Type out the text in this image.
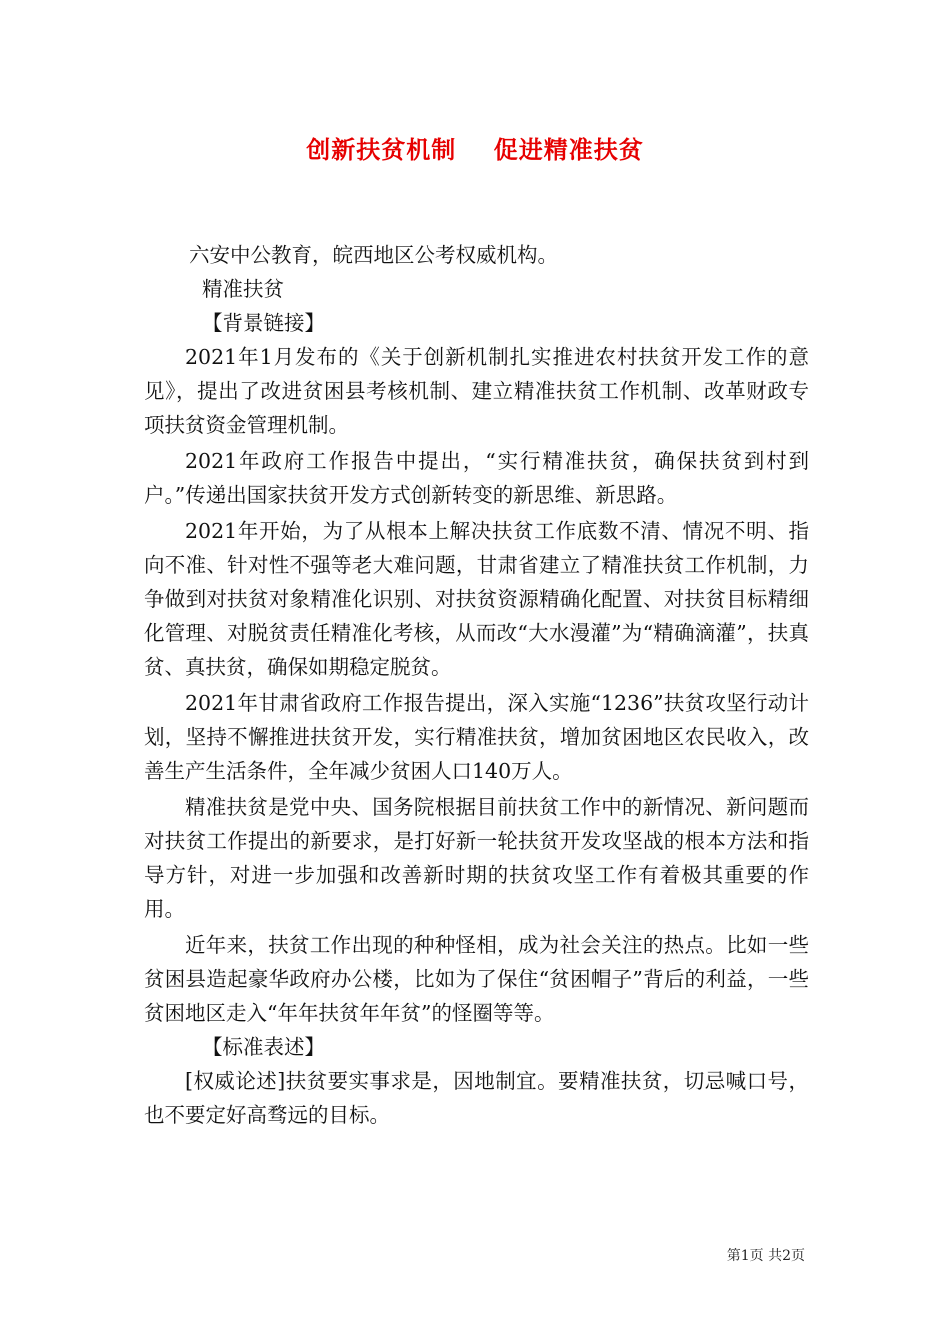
创新扶贫机制    促进精准扶贫

六安中公教育，皖西地区公考权威机构。

精准扶贫

【背景链接】

2021年1月发布的《关于创新机制扎实推进农村扶贫开发工作的意见》，提出了改进贫困县考核机制、建立精准扶贫工作机制、改革财政专项扶贫资金管理机制。

2021年政府工作报告中提出，“实行精准扶贫，确保扶贫到村到户。”传递出国家扶贫开发方式创新转变的新思维、新思路。

2021年开始，为了从根本上解决扶贫工作底数不清、情况不明、指向不准、针对性不强等老大难问题，甘肃省建立了精准扶贫工作机制，力争做到对扶贫对象精准化识别、对扶贫资源精确化配置、对扶贫目标精细化管理、对脱贫责任精准化考核，从而改“大水漫灌”为“精确滴灌”，扶真贫、真扶贫，确保如期稳定脱贫。

2021年甘肃省政府工作报告提出，深入实施“1236”扶贫攻坚行动计划，坚持不懈推进扶贫开发，实行精准扶贫，增加贫困地区农民收入，改善生产生活条件，全年减少贫困人口140万人。

精准扶贫是党中央、国务院根据目前扶贫工作中的新情况、新问题而对扶贫工作提出的新要求，是打好新一轮扶贫开发攻坚战的根本方法和指导方针，对进一步加强和改善新时期的扶贫攻坚工作有着极其重要的作用。

近年来，扶贫工作出现的种种怪相，成为社会关注的热点。比如一些贫困县造起豪华政府办公楼，比如为了保住“贫困帽子”背后的利益，一些贫困地区走入“年年扶贫年年贫”的怪圈等等。

【标准表述】

[权威论述]扶贫要实事求是，因地制宜。要精准扶贫，切忌喊口号，也不要定好高骛远的目标。

第1页 共2页
